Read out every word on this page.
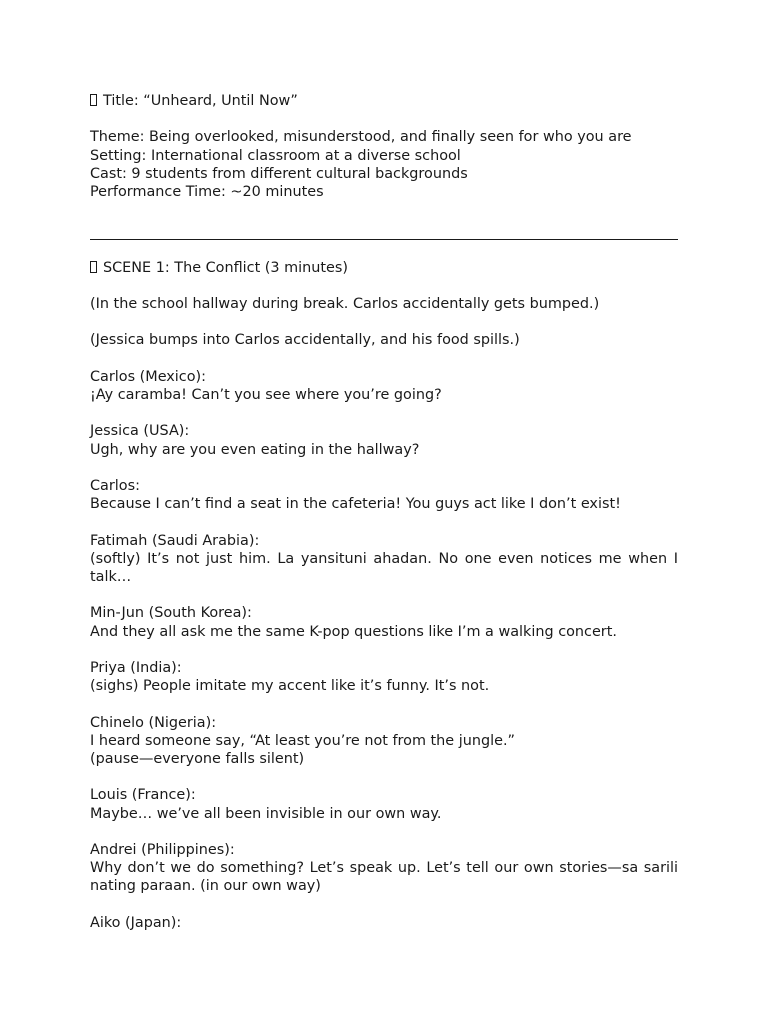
Title: “Unheard, Until Now”
Theme: Being overlooked, misunderstood, and finally seen for who you are
Setting: International classroom at a diverse school
Cast: 9 students from different cultural backgrounds
Performance Time: ~20 minutes
SCENE 1: The Conflict (3 minutes)
(In the school hallway during break. Carlos accidentally gets bumped.)
(Jessica bumps into Carlos accidentally, and his food spills.)
Carlos (Mexico):
¡Ay caramba! Can’t you see where you’re going?
Jessica (USA):
Ugh, why are you even eating in the hallway?
Carlos:
Because I can’t find a seat in the cafeteria! You guys act like I don’t exist!
Fatimah (Saudi Arabia):
(softly) It’s not just him. La yansituni ahadan. No one even notices me when I talk…
Min-Jun (South Korea):
And they all ask me the same K-pop questions like I’m a walking concert.
Priya (India):
(sighs) People imitate my accent like it’s funny. It’s not.
Chinelo (Nigeria):
I heard someone say, “At least you’re not from the jungle.”
(pause—everyone falls silent)
Louis (France):
Maybe… we’ve all been invisible in our own way.
Andrei (Philippines):
Why don’t we do something? Let’s speak up. Let’s tell our own stories—sa sarili nating paraan. (in our own way)
Aiko (Japan):
